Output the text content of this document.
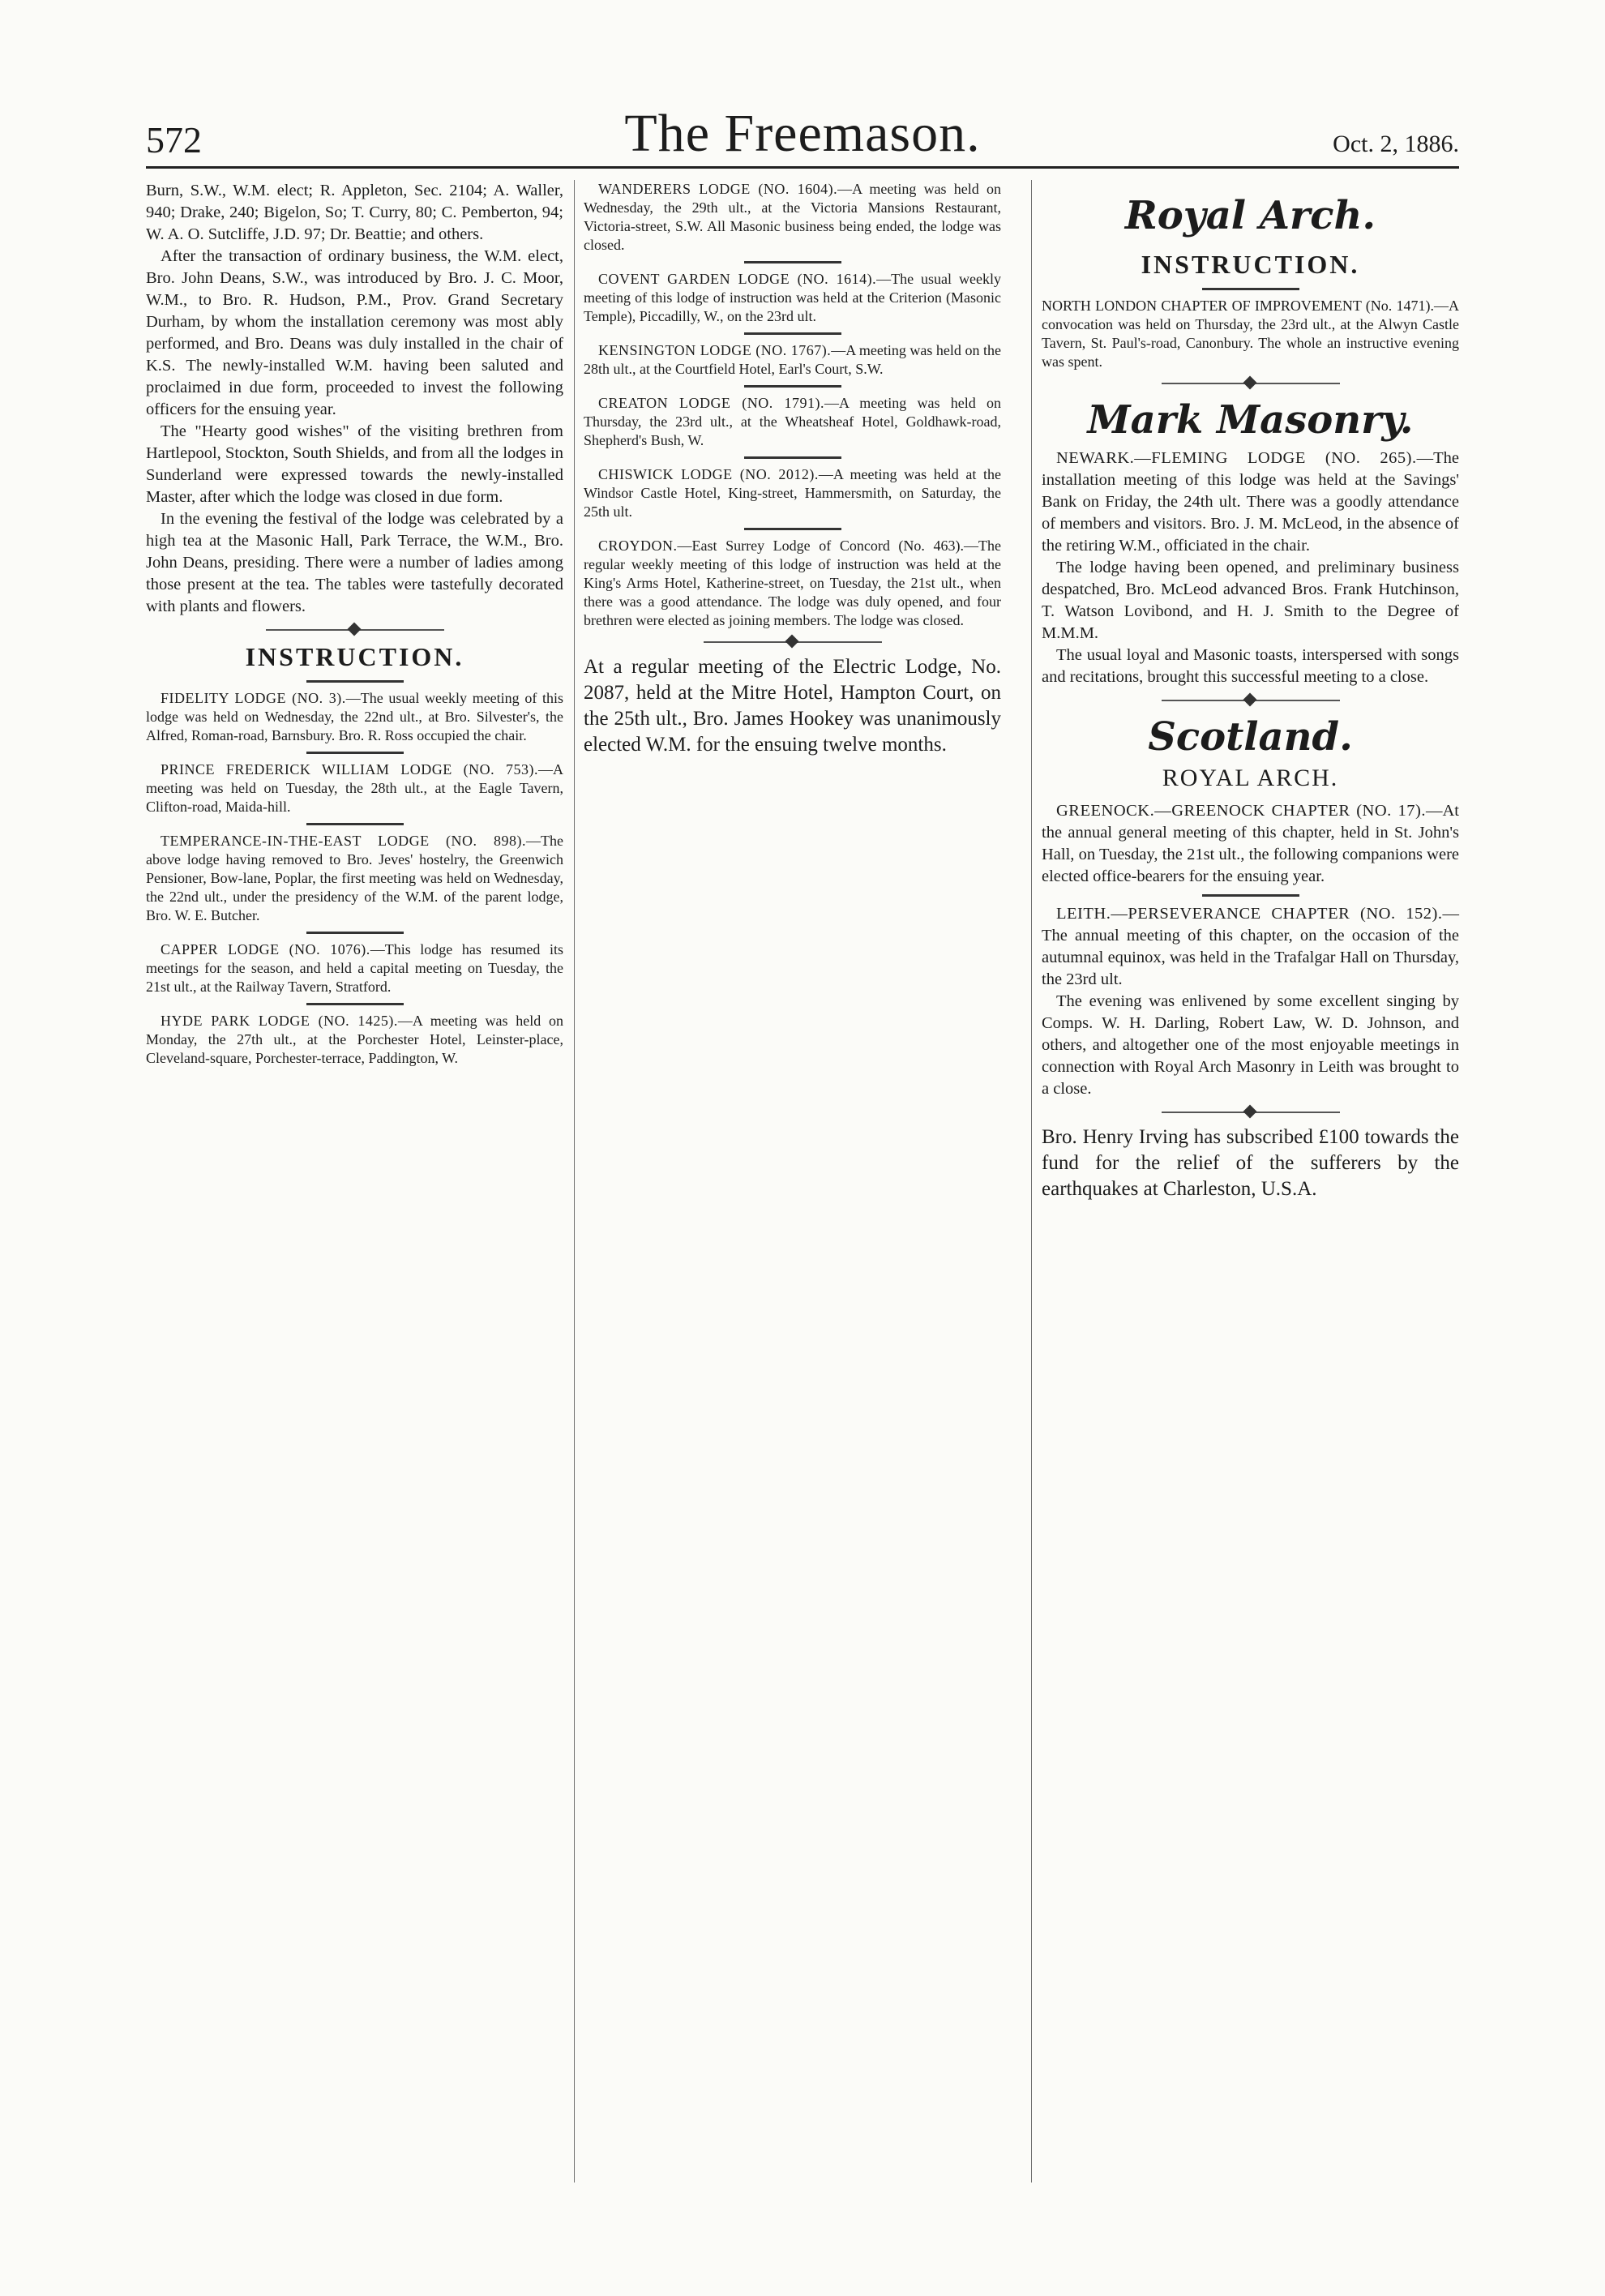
572	The Freemason.	Oct. 2, 1886.

Burn, S.W., W.M. elect; R. Appleton, Sec. 2104; A. Waller, 940; Drake, 240; Bigelon, So; T. Curry, 80; C. Pemberton, 94; W. A. O. Sutcliffe, J.D. 97; Dr. Beattie; and others.

After the transaction of ordinary business, the W.M. elect, Bro. John Deans, S.W., was introduced by Bro. J. C. Moor, W.M., to Bro. R. Hudson, P.M., Prov. Grand Secretary Durham, by whom the installation ceremony was most ably performed, and Bro. Deans was duly installed in the chair of K.S. The newly-installed W.M. having been saluted and proclaimed in due form, proceeded to invest the following officers for the ensuing year.

The "Hearty good wishes" of the visiting brethren from Hartlepool, Stockton, South Shields, and from all the lodges in Sunderland were expressed towards the newly-installed Master, after which the lodge was closed in due form.

In the evening the festival of the lodge was celebrated by a high tea at the Masonic Hall, Park Terrace, the W.M., Bro. John Deans, presiding. There were a number of ladies among those present at the tea. The tables were tastefully decorated with plants and flowers.

INSTRUCTION.

FIDELITY LODGE (NO. 3).—The usual weekly meeting of this lodge was held on Wednesday, the 22nd ult., at Bro. Silvester's, the Alfred, Roman-road, Barnsbury. Bro. R. Ross occupied the chair.

PRINCE FREDERICK WILLIAM LODGE (NO. 753).—A meeting was held on Tuesday, the 28th ult., at the Eagle Tavern, Clifton-road, Maida-hill.

TEMPERANCE-IN-THE-EAST LODGE (NO. 898).—The above lodge having removed to Bro. Jeves' hostelry, the Greenwich Pensioner, Bow-lane, Poplar, the first meeting was held on Wednesday, the 22nd ult., under the presidency of the W.M. of the parent lodge, Bro. W. E. Butcher.

CAPPER LODGE (NO. 1076).—This lodge has resumed its meetings for the season, and held a capital meeting on Tuesday, the 21st ult., at the Railway Tavern, Stratford.

HYDE PARK LODGE (NO. 1425).—A meeting was held on Monday, the 27th ult., at the Porchester Hotel, Leinster-place, Cleveland-square, Porchester-terrace, Paddington, W.

WANDERERS LODGE (NO. 1604).—A meeting was held on Wednesday, the 29th ult., at the Victoria Mansions Restaurant, Victoria-street, S.W. All Masonic business being ended, the lodge was closed.

COVENT GARDEN LODGE (NO. 1614).—The usual weekly meeting of this lodge of instruction was held at the Criterion (Masonic Temple), Piccadilly, W., on the 23rd ult.

KENSINGTON LODGE (NO. 1767).—A meeting was held on the 28th ult., at the Courtfield Hotel, Earl's Court, S.W.

CREATON LODGE (NO. 1791).—A meeting was held on Thursday, the 23rd ult., at the Wheatsheaf Hotel, Goldhawk-road, Shepherd's Bush, W.

CHISWICK LODGE (NO. 2012).—A meeting was held at the Windsor Castle Hotel, King-street, Hammersmith, on Saturday, the 25th ult.

CROYDON.—East Surrey Lodge of Concord (No. 463).—The regular weekly meeting of this lodge of instruction was held at the King's Arms Hotel, Katherine-street, on Tuesday, the 21st ult., when there was a good attendance. The lodge was duly opened, and four brethren were elected as joining members. The lodge was closed.

At a regular meeting of the Electric Lodge, No. 2087, held at the Mitre Hotel, Hampton Court, on the 25th ult., Bro. James Hookey was unanimously elected W.M. for the ensuing twelve months.

Royal Arch.
INSTRUCTION.

NORTH LONDON CHAPTER OF IMPROVEMENT (No. 1471).—A convocation was held on Thursday, the 23rd ult., at the Alwyn Castle Tavern, St. Paul's-road, Canonbury. The whole an instructive evening was spent.

Mark Masonry.

NEWARK.—FLEMING LODGE (NO. 265).—The installation meeting of this lodge was held at the Savings' Bank on Friday, the 24th ult. There was a goodly attendance of members and visitors. Bro. J. M. McLeod, in the absence of the retiring W.M., officiated in the chair.

The lodge having been opened, and preliminary business despatched, Bro. McLeod advanced Bros. Frank Hutchinson, T. Watson Lovibond, and H. J. Smith to the Degree of M.M.M.

The usual loyal and Masonic toasts, interspersed with songs and recitations, brought this successful meeting to a close.

Scotland.
ROYAL ARCH.

GREENOCK.—GREENOCK CHAPTER (NO. 17).—At the annual general meeting of this chapter, held in St. John's Hall, on Tuesday, the 21st ult., the following companions were elected office-bearers for the ensuing year.

LEITH.—PERSEVERANCE CHAPTER (NO. 152).—The annual meeting of this chapter, on the occasion of the autumnal equinox, was held in the Trafalgar Hall on Thursday, the 23rd ult.

The evening was enlivened by some excellent singing by Comps. W. H. Darling, Robert Law, W. D. Johnson, and others, and altogether one of the most enjoyable meetings in connection with Royal Arch Masonry in Leith was brought to a close.

Bro. Henry Irving has subscribed £100 towards the fund for the relief of the sufferers by the earthquakes at Charleston, U.S.A.
